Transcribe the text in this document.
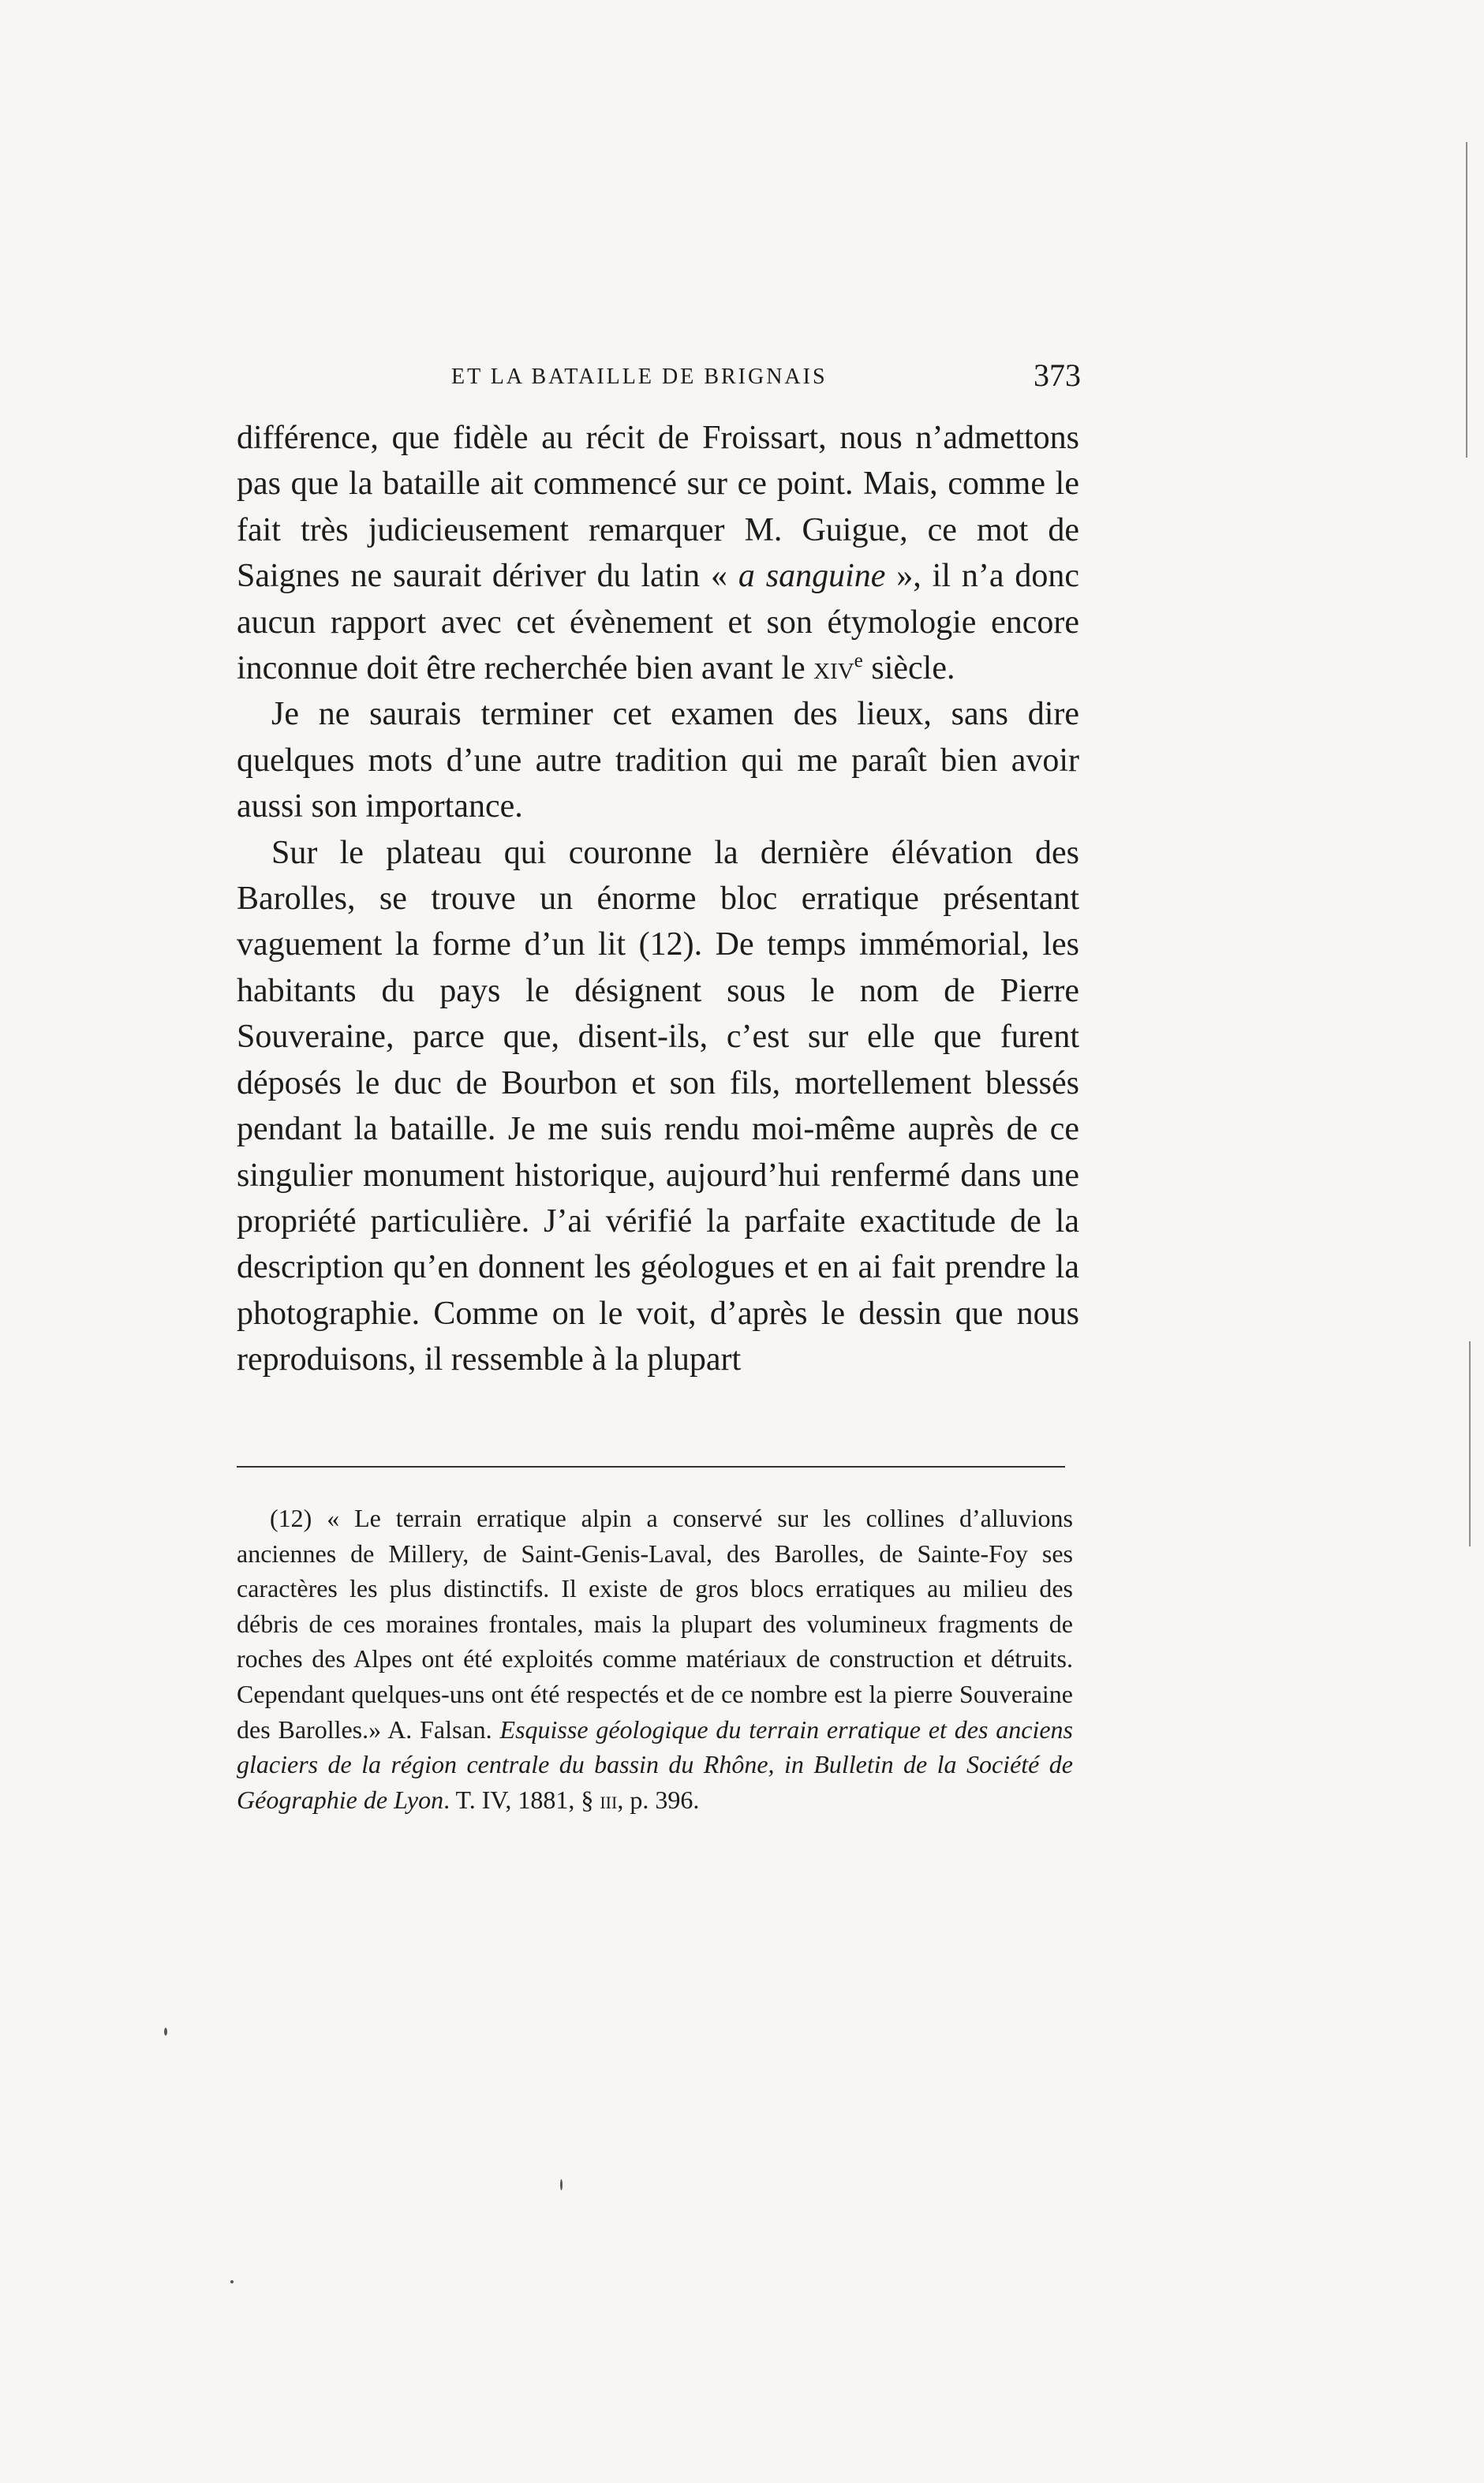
ET LA BATAILLE DE BRIGNAIS	373

différence, que fidèle au récit de Froissart, nous n’admettons pas que la bataille ait commencé sur ce point. Mais, comme le fait très judicieusement remarquer M. Guigue, ce mot de Saignes ne saurait dériver du latin « a sanguine », il n’a donc aucun rapport avec cet évènement et son étymologie encore inconnue doit être recherchée bien avant le xiv$^e$ siècle.

Je ne saurais terminer cet examen des lieux, sans dire quelques mots d’une autre tradition qui me paraît bien avoir aussi son importance.

Sur le plateau qui couronne la dernière élévation des Barolles, se trouve un énorme bloc erratique présentant vaguement la forme d’un lit (12). De temps immémorial, les habitants du pays le désignent sous le nom de Pierre Souveraine, parce que, disent-ils, c’est sur elle que furent déposés le duc de Bourbon et son fils, mortellement blessés pendant la bataille. Je me suis rendu moi-même auprès de ce singulier monument historique, aujourd’hui renfermé dans une propriété particulière. J’ai vérifié la parfaite exactitude de la description qu’en donnent les géologues et en ai fait prendre la photographie. Comme on le voit, d’après le dessin que nous reproduisons, il ressemble à la plupart

(12) « Le terrain erratique alpin a conservé sur les collines d’alluvions anciennes de Millery, de Saint-Genis-Laval, des Barolles, de Sainte-Foy ses caractères les plus distinctifs. Il existe de gros blocs erratiques au milieu des débris de ces moraines frontales, mais la plupart des volumineux fragments de roches des Alpes ont été exploités comme matériaux de construction et détruits. Cependant quelques-uns ont été respectés et de ce nombre est la pierre Souveraine des Barolles.» A. Falsan. Esquisse géologique du terrain erratique et des anciens glaciers de la région centrale du bassin du Rhône, in Bulletin de la Société de Géographie de Lyon. T. IV, 1881, § iii, p. 396.
